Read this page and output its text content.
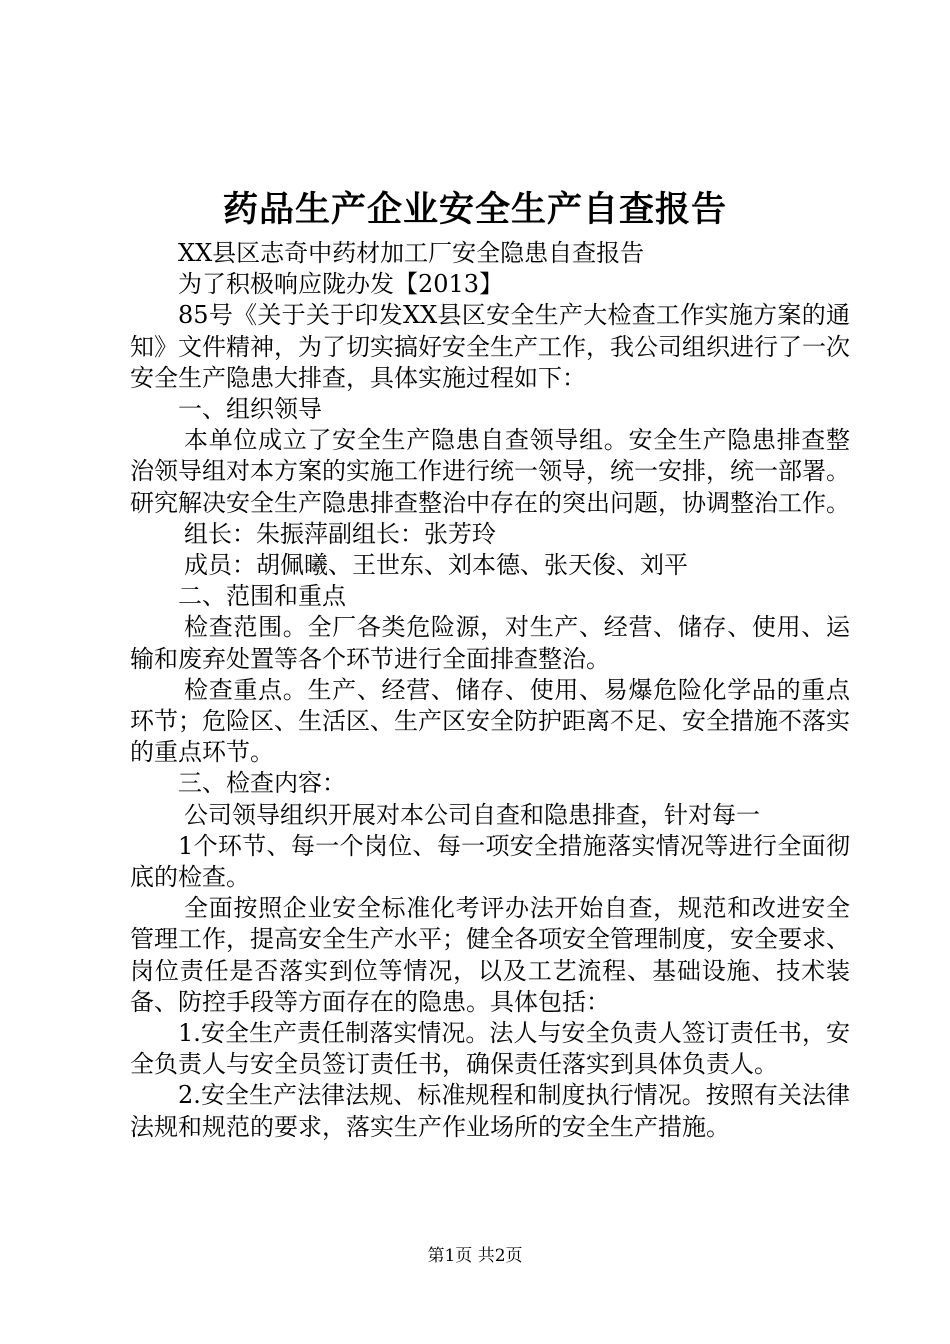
药品生产企业安全生产自查报告
XX县区志奇中药材加工厂安全隐患自查报告
为了积极响应陇办发【2013】
85号《关于关于印发XX县区安全生产大检查工作实施方案的通知》文件精神，为了切实搞好安全生产工作，我公司组织进行了一次安全生产隐患大排查，具体实施过程如下：
一、组织领导
本单位成立了安全生产隐患自查领导组。安全生产隐患排查整治领导组对本方案的实施工作进行统一领导，统一安排，统一部署。研究解决安全生产隐患排查整治中存在的突出问题，协调整治工作。
组长：朱振萍副组长：张芳玲
成员：胡佩曦、王世东、刘本德、张天俊、刘平
二、范围和重点
检查范围。全厂各类危险源，对生产、经营、储存、使用、运输和废弃处置等各个环节进行全面排查整治。
检查重点。生产、经营、储存、使用、易爆危险化学品的重点环节；危险区、生活区、生产区安全防护距离不足、安全措施不落实的重点环节。
三、检查内容：
公司领导组织开展对本公司自查和隐患排查，针对每一
1个环节、每一个岗位、每一项安全措施落实情况等进行全面彻底的检查。
全面按照企业安全标准化考评办法开始自查，规范和改进安全管理工作，提高安全生产水平；健全各项安全管理制度，安全要求、岗位责任是否落实到位等情况，以及工艺流程、基础设施、技术装备、防控手段等方面存在的隐患。具体包括：
1.安全生产责任制落实情况。法人与安全负责人签订责任书，安全负责人与安全员签订责任书，确保责任落实到具体负责人。
2.安全生产法律法规、标准规程和制度执行情况。按照有关法律法规和规范的要求，落实生产作业场所的安全生产措施。
第1页 共2页
